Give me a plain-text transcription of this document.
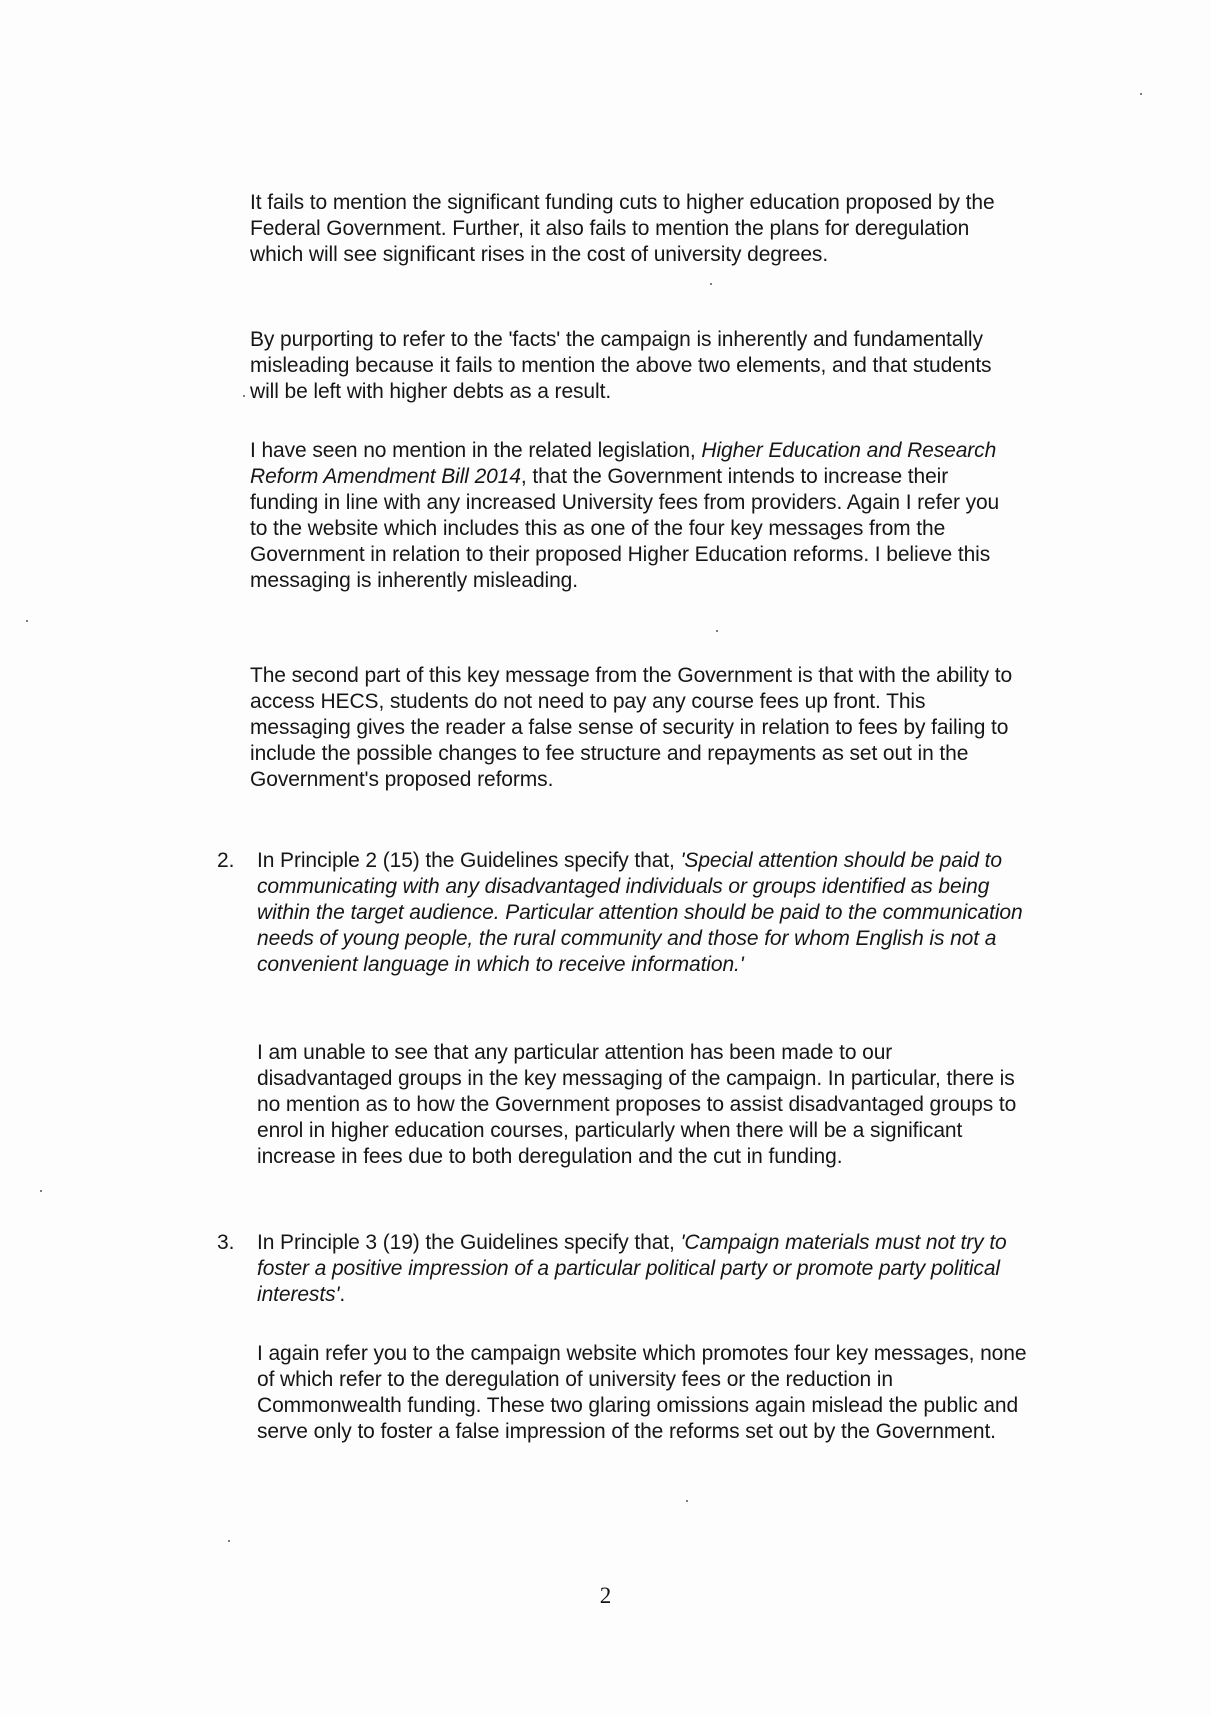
It fails to mention the significant funding cuts to higher education proposed by the Federal Government. Further, it also fails to mention the plans for deregulation which will see significant rises in the cost of university degrees.

By purporting to refer to the 'facts' the campaign is inherently and fundamentally misleading because it fails to mention the above two elements, and that students will be left with higher debts as a result.

I have seen no mention in the related legislation, Higher Education and Research Reform Amendment Bill 2014, that the Government intends to increase their funding in line with any increased University fees from providers. Again I refer you to the website which includes this as one of the four key messages from the Government in relation to their proposed Higher Education reforms. I believe this messaging is inherently misleading.

The second part of this key message from the Government is that with the ability to access HECS, students do not need to pay any course fees up front. This messaging gives the reader a false sense of security in relation to fees by failing to include the possible changes to fee structure and repayments as set out in the Government's proposed reforms.

2. In Principle 2 (15) the Guidelines specify that, 'Special attention should be paid to communicating with any disadvantaged individuals or groups identified as being within the target audience. Particular attention should be paid to the communication needs of young people, the rural community and those for whom English is not a convenient language in which to receive information.'

I am unable to see that any particular attention has been made to our disadvantaged groups in the key messaging of the campaign. In particular, there is no mention as to how the Government proposes to assist disadvantaged groups to enrol in higher education courses, particularly when there will be a significant increase in fees due to both deregulation and the cut in funding.

3. In Principle 3 (19) the Guidelines specify that, 'Campaign materials must not try to foster a positive impression of a particular political party or promote party political interests'.

I again refer you to the campaign website which promotes four key messages, none of which refer to the deregulation of university fees or the reduction in Commonwealth funding. These two glaring omissions again mislead the public and serve only to foster a false impression of the reforms set out by the Government.

2
